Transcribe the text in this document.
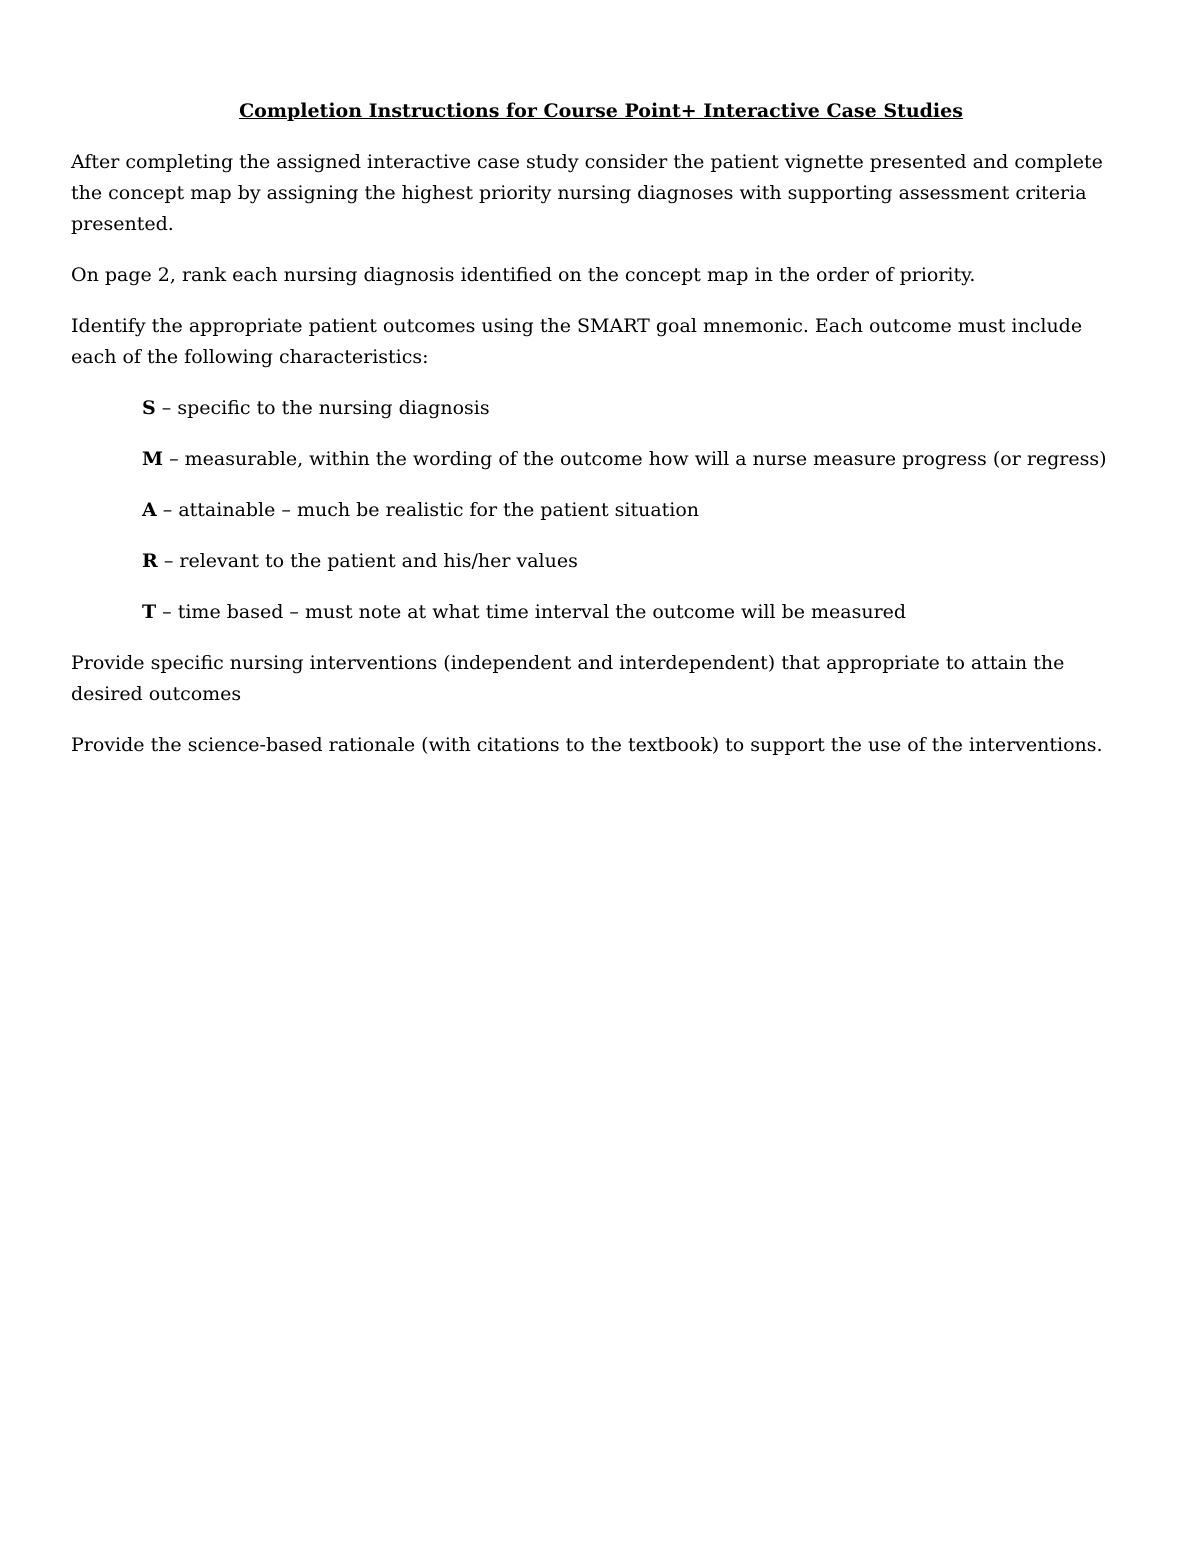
Completion Instructions for Course Point+ Interactive Case Studies

After completing the assigned interactive case study consider the patient vignette presented and complete the concept map by assigning the highest priority nursing diagnoses with supporting assessment criteria presented.

On page 2, rank each nursing diagnosis identified on the concept map in the order of priority.

Identify the appropriate patient outcomes using the SMART goal mnemonic. Each outcome must include each of the following characteristics:

S – specific to the nursing diagnosis
M – measurable, within the wording of the outcome how will a nurse measure progress (or regress)
A – attainable – much be realistic for the patient situation
R – relevant to the patient and his/her values
T – time based – must note at what time interval the outcome will be measured

Provide specific nursing interventions (independent and interdependent) that appropriate to attain the desired outcomes

Provide the science-based rationale (with citations to the textbook) to support the use of the interventions.
